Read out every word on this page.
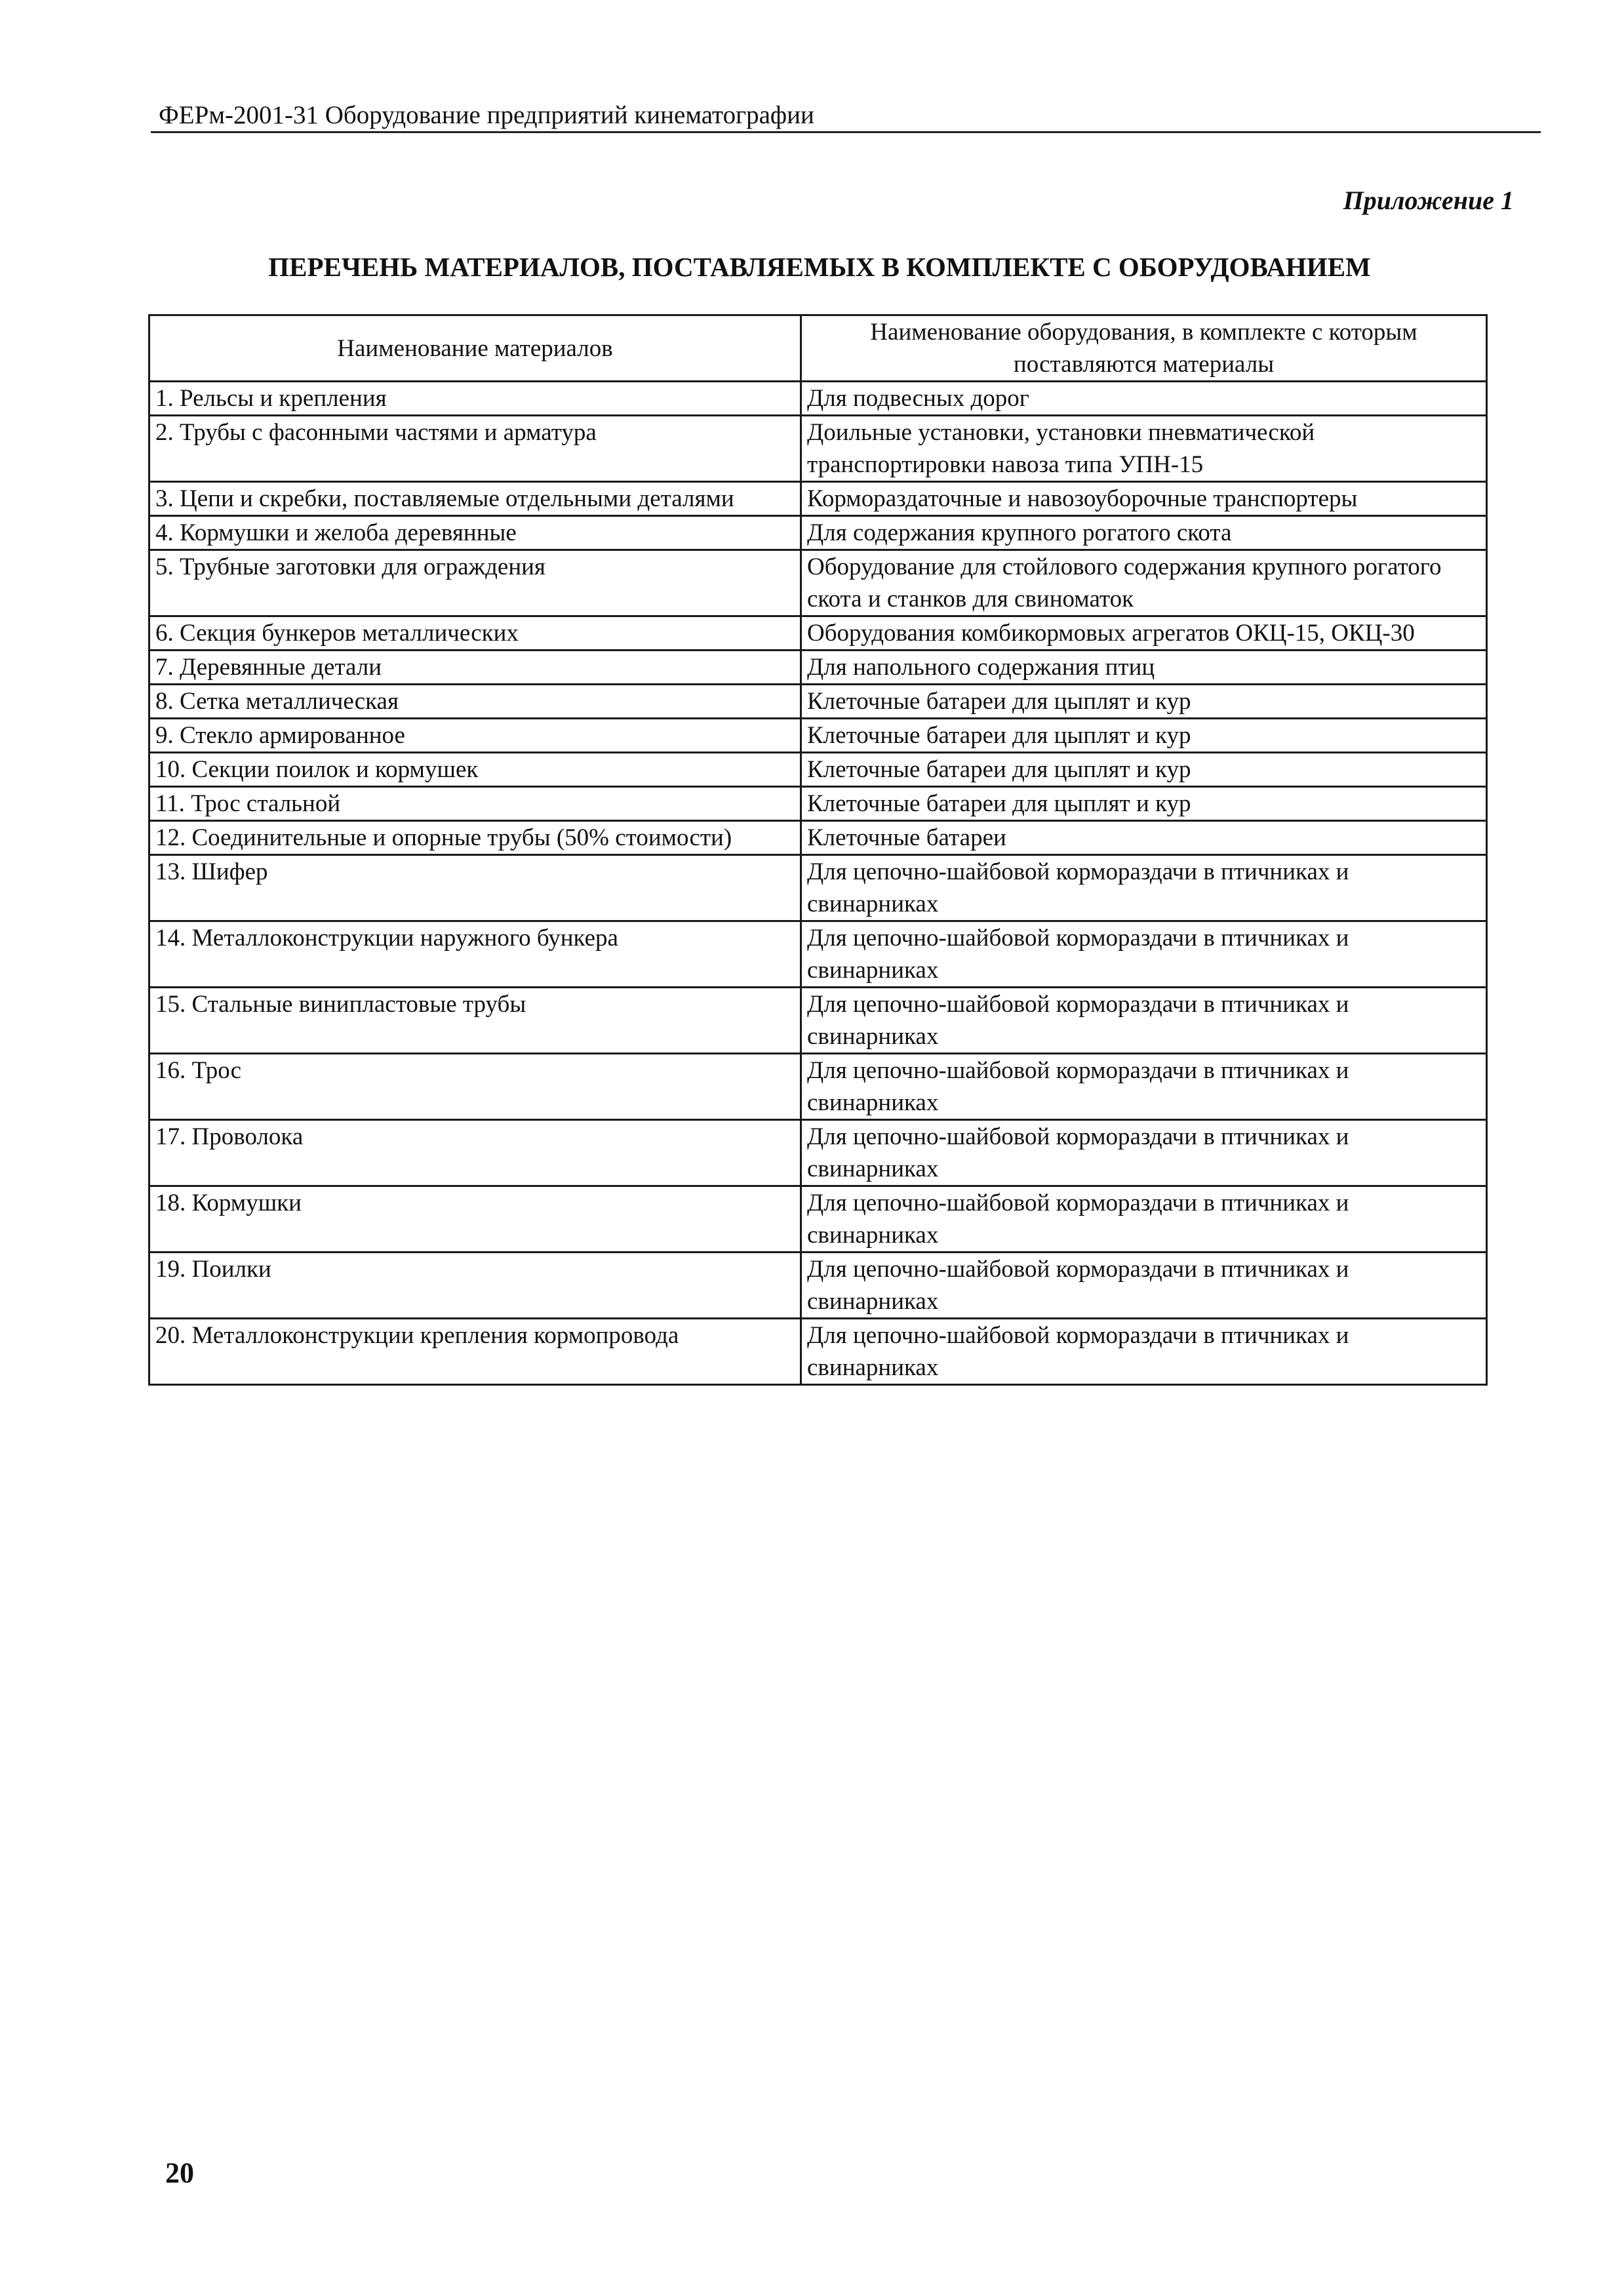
ФЕРм-2001-31 Оборудование предприятий кинематографии
Приложение 1
ПЕРЕЧЕНЬ МАТЕРИАЛОВ, ПОСТАВЛЯЕМЫХ В КОМПЛЕКТЕ С ОБОРУДОВАНИЕМ
Наименование материалов	Наименование оборудования, в комплекте с которым поставляются материалы
1. Рельсы и крепления	Для подвесных дорог
2. Трубы с фасонными частями и арматура	Доильные установки, установки пневматической транспортировки навоза типа УПН-15
3. Цепи и скребки, поставляемые отдельными деталями	Кормораздаточные и навозоуборочные транспортеры
4. Кормушки и желоба деревянные	Для содержания крупного рогатого скота
5. Трубные заготовки для ограждения	Оборудование для стойлового содержания крупного рогатого скота и станков для свиноматок
6. Секция бункеров металлических	Оборудования комбикормовых агрегатов ОКЦ-15, ОКЦ-30
7. Деревянные детали	Для напольного содержания птиц
8. Сетка металлическая	Клеточные батареи для цыплят и кур
9. Стекло армированное	Клеточные батареи для цыплят и кур
10. Секции поилок и кормушек	Клеточные батареи для цыплят и кур
11. Трос стальной	Клеточные батареи для цыплят и кур
12. Соединительные и опорные трубы (50% стоимости)	Клеточные батареи
13. Шифер	Для цепочно-шайбовой кормораздачи в птичниках и свинарниках
14. Металлоконструкции наружного бункера	Для цепочно-шайбовой кормораздачи в птичниках и свинарниках
15. Стальные винипластовые трубы	Для цепочно-шайбовой кормораздачи в птичниках и свинарниках
16. Трос	Для цепочно-шайбовой кормораздачи в птичниках и свинарниках
17. Проволока	Для цепочно-шайбовой кормораздачи в птичниках и свинарниках
18. Кормушки	Для цепочно-шайбовой кормораздачи в птичниках и свинарниках
19. Поилки	Для цепочно-шайбовой кормораздачи в птичниках и свинарниках
20. Металлоконструкции крепления кормопровода	Для цепочно-шайбовой кормораздачи в птичниках и свинарниках
20
